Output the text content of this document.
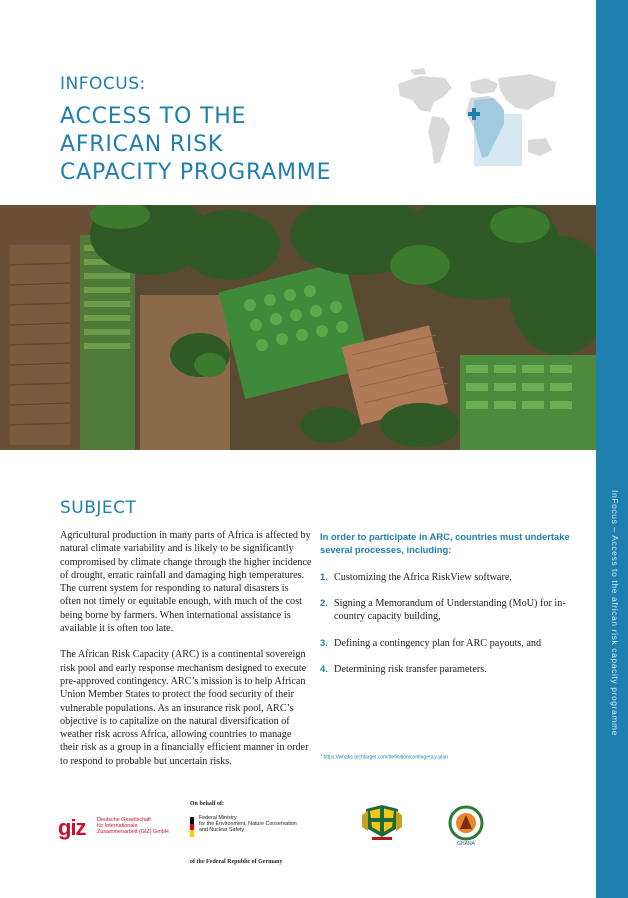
InFocus – Access to the african risk capacity programme
INFOCUS:
ACCESS TO THE
AFRICAN RISK
CAPACITY PROGRAMME
SUBJECT

Agricultural production in many parts of Africa is affected by natural climate variability and is likely to be significantly compromised by climate change through the higher incidence of drought, erratic rainfall and damaging high temperatures. The current system for responding to natural disasters is often not timely or equitable enough, with much of the cost being borne by farmers. When international assistance is available it is often too late.

The African Risk Capacity (ARC) is a continental sovereign risk pool and early response mechanism designed to execute pre-approved contingency. ARC’s mission is to help African Union Member States to protect the food security of their vulnerable populations. As an insurance risk pool, ARC’s objective is to capitalize on the natural diversification of weather risk across Africa, allowing countries to manage their risk as a group in a financially efficient manner in order to respond to probable but uncertain risks.

In order to participate in ARC, countries must undertake several processes, including:
1. Customizing the Africa RiskView software,
2. Signing a Memorandum of Understanding (MoU) for in-country capacity building,
3. Defining a contingency plan for ARC payouts, and
4. Determining risk transfer parameters.
$^1$ https://whatis.techtarget.com/definition/contingency-plan
giz Deutsche Gesellschaft
für Internationale
Zusammenarbeit (GIZ) GmbH
On behalf of:
Federal Ministry
for the Environment, Nature Conservation
and Nuclear Safety
of the Federal Republic of Germany
GHANA
